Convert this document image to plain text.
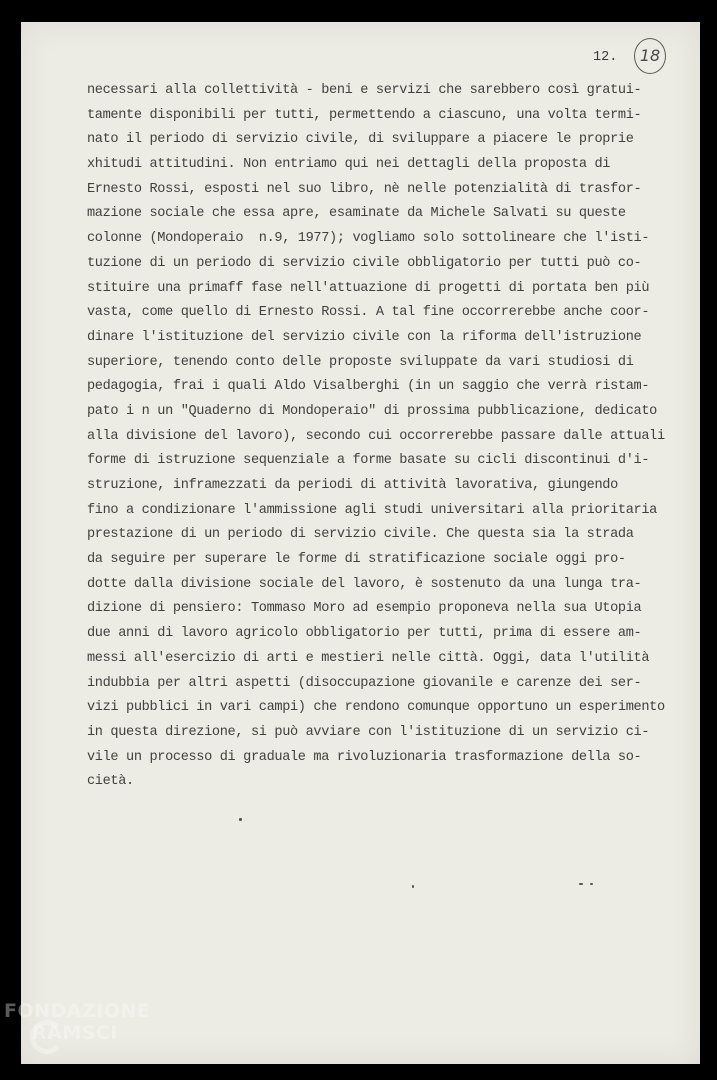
12.	18
necessari alla collettività - beni e servizi che sarebbero così gratui-
tamente disponibili per tutti, permettendo a ciascuno, una volta termi-
nato il periodo di servizio civile, di sviluppare a piacere le proprie
xhitudi attitudini. Non entriamo qui nei dettagli della proposta di
Ernesto Rossi, esposti nel suo libro, nè nelle potenzialità di trasfor-
mazione sociale che essa apre, esaminate da Michele Salvati su queste
colonne (Mondoperaio  n.9, 1977); vogliamo solo sottolineare che l'isti-
tuzione di un periodo di servizio civile obbligatorio per tutti può co-
stituire una primaff fase nell'attuazione di progetti di portata ben più
vasta, come quello di Ernesto Rossi. A tal fine occorrerebbe anche coor-
dinare l'istituzione del servizio civile con la riforma dell'istruzione
superiore, tenendo conto delle proposte sviluppate da vari studiosi di
pedagogia, frai i quali Aldo Visalberghi (in un saggio che verrà ristam-
pato i n un "Quaderno di Mondoperaio" di prossima pubblicazione, dedicato
alla divisione del lavoro), secondo cui occorrerebbe passare dalle attuali
forme di istruzione sequenziale a forme basate su cicli discontinui d'i-
struzione, inframezzati da periodi di attività lavorativa, giungendo
fino a condizionare l'ammissione agli studi universitari alla prioritaria
prestazione di un periodo di servizio civile. Che questa sia la strada
da seguire per superare le forme di stratificazione sociale oggi pro-
dotte dalla divisione sociale del lavoro, è sostenuto da una lunga tra-
dizione di pensiero: Tommaso Moro ad esempio proponeva nella sua Utopia
due anni di lavoro agricolo obbligatorio per tutti, prima di essere am-
messi all'esercizio di arti e mestieri nelle città. Oggi, data l'utilità
indubbia per altri aspetti (disoccupazione giovanile e carenze dei ser-
vizi pubblici in vari campi) che rendono comunque opportuno un esperimento
in questa direzione, si può avviare con l'istituzione di un servizio ci-
vile un processo di graduale ma rivoluzionaria trasformazione della so-
cietà.
FONDAZIONE
RAMSCI
